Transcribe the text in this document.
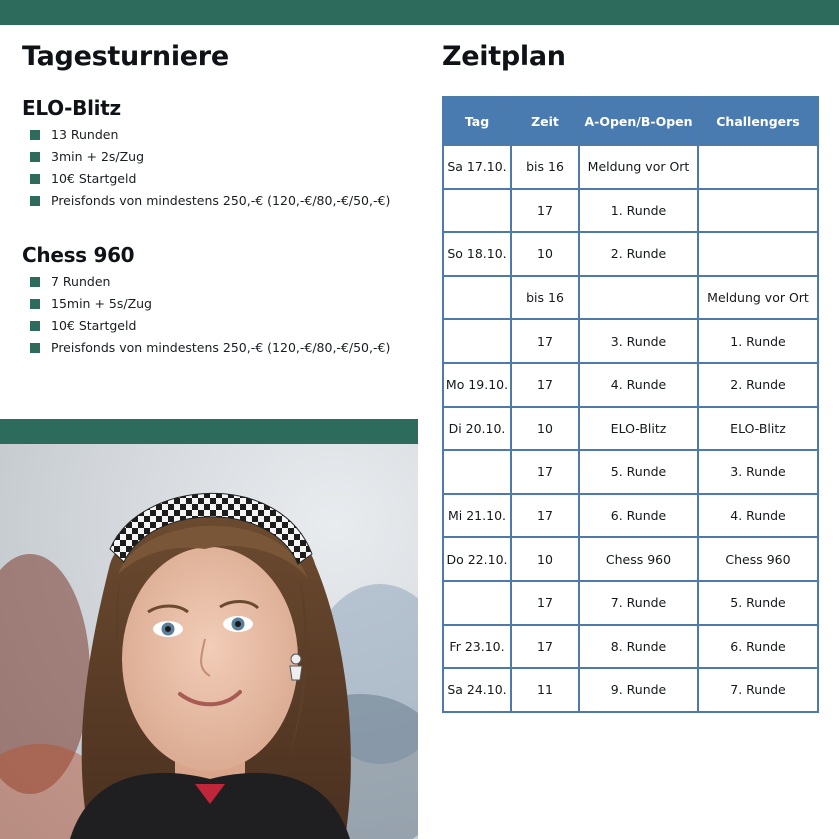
Tagesturniere
ELO-Blitz
13 Runden
3min + 2s/Zug
10€ Startgeld
Preisfonds von mindestens 250,-€ (120,-€/80,-€/50,-€)
Chess 960
7 Runden
15min + 5s/Zug
10€ Startgeld
Preisfonds von mindestens 250,-€ (120,-€/80,-€/50,-€)
Zeitplan
Tag	Zeit	A-Open/B-Open	Challengers
Sa 17.10.	bis 16	Meldung vor Ort	
	17	1. Runde	
So 18.10.	10	2. Runde	
	bis 16		Meldung vor Ort
	17	3. Runde	1. Runde
Mo 19.10.	17	4. Runde	2. Runde
Di 20.10.	10	ELO-Blitz	ELO-Blitz
	17	5. Runde	3. Runde
Mi 21.10.	17	6. Runde	4. Runde
Do 22.10.	10	Chess 960	Chess 960
	17	7. Runde	5. Runde
Fr 23.10.	17	8. Runde	6. Runde
Sa 24.10.	11	9. Runde	7. Runde
